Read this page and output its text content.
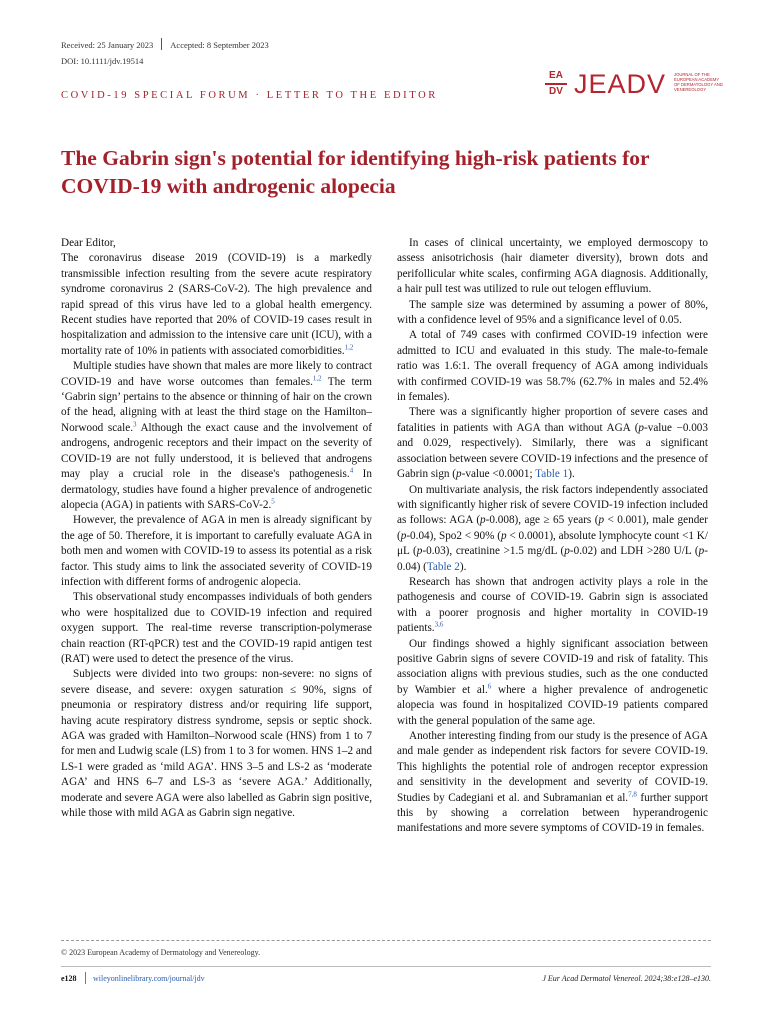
Received: 25 January 2023 Accepted: 8 September 2023
DOI: 10.1111/jdv.19514
EA
DV JEADV JOURNAL OF THE EUROPEAN ACADEMY OF DERMATOLOGY AND VENEREOLOGY
COVID-19 SPECIAL FORUM · LETTER TO THE EDITOR
The Gabrin sign's potential for identifying high-risk patients for COVID-19 with androgenic alopecia

Dear Editor,

The coronavirus disease 2019 (COVID-19) is a markedly transmissible infection resulting from the severe acute respiratory syndrome coronavirus 2 (SARS-CoV-2). The high prevalence and rapid spread of this virus have led to a global health emergency. Recent studies have reported that 20% of COVID-19 cases result in hospitalization and admission to the intensive care unit (ICU), with a mortality rate of 10% in patients with associated comorbidities.$^{1,2}$

Multiple studies have shown that males are more likely to contract COVID-19 and have worse outcomes than females.$^{1,2}$ The term ‘Gabrin sign’ pertains to the absence or thinning of hair on the crown of the head, aligning with at least the third stage on the Hamilton–Norwood scale.$^3$ Although the exact cause and the involvement of androgens, androgenic receptors and their impact on the severity of COVID-19 are not fully understood, it is believed that androgens may play a crucial role in the disease's pathogenesis.$^4$ In dermatology, studies have found a higher prevalence of androgenetic alopecia (AGA) in patients with SARS-CoV-2.$^5$

However, the prevalence of AGA in men is already significant by the age of 50. Therefore, it is important to carefully evaluate AGA in both men and women with COVID-19 to assess its potential as a risk factor. This study aims to link the associated severity of COVID-19 infection with different forms of androgenic alopecia.

This observational study encompasses individuals of both genders who were hospitalized due to COVID-19 infection and required oxygen support. The real-time reverse transcription-polymerase chain reaction (RT-qPCR) test and the COVID-19 rapid antigen test (RAT) were used to detect the presence of the virus.

Subjects were divided into two groups: non-severe: no signs of severe disease, and severe: oxygen saturation ≤ 90%, signs of pneumonia or respiratory distress and/or requiring life support, having acute respiratory distress syndrome, sepsis or septic shock. AGA was graded with Hamilton–Norwood scale (HNS) from 1 to 7 for men and Ludwig scale (LS) from 1 to 3 for women. HNS 1–2 and LS-1 were graded as ‘mild AGA’. HNS 3–5 and LS-2 as ‘moderate AGA’ and HNS 6–7 and LS-3 as ‘severe AGA.’ Additionally, moderate and severe AGA were also labelled as Gabrin sign positive, while those with mild AGA as Gabrin sign negative.

In cases of clinical uncertainty, we employed dermoscopy to assess anisotrichosis (hair diameter diversity), brown dots and perifollicular white scales, confirming AGA diagnosis. Additionally, a hair pull test was utilized to rule out telogen effluvium.

The sample size was determined by assuming a power of 80%, with a confidence level of 95% and a significance level of 0.05.

A total of 749 cases with confirmed COVID-19 infection were admitted to ICU and evaluated in this study. The male-to-female ratio was 1.6:1. The overall frequency of AGA among individuals with confirmed COVID-19 was 58.7% (62.7% in males and 52.4% in females).

There was a significantly higher proportion of severe cases and fatalities in patients with AGA than without AGA (p-value −0.003 and 0.029, respectively). Similarly, there was a significant association between severe COVID-19 infections and the presence of Gabrin sign (p-value <0.0001; Table 1).

On multivariate analysis, the risk factors independently associated with significantly higher risk of severe COVID-19 infection included as follows: AGA (p-0.008), age ≥ 65 years (p < 0.001), male gender (p-0.04), Spo2 < 90% (p < 0.0001), absolute lymphocyte count <1 K/μL (p-0.03), creatinine >1.5 mg/dL (p-0.02) and LDH >280 U/L (p-0.04) (Table 2).

Research has shown that androgen activity plays a role in the pathogenesis and course of COVID-19. Gabrin sign is associated with a poorer prognosis and higher mortality in COVID-19 patients.$^{3,6}$

Our findings showed a highly significant association between positive Gabrin signs of severe COVID-19 and risk of fatality. This association aligns with previous studies, such as the one conducted by Wambier et al.$^6$ where a higher prevalence of androgenetic alopecia was found in hospitalized COVID-19 patients compared with the general population of the same age.

Another interesting finding from our study is the presence of AGA and male gender as independent risk factors for severe COVID-19. This highlights the potential role of androgen receptor expression and sensitivity in the development and severity of COVID-19. Studies by Cadegiani et al. and Subramanian et al.$^{7,8}$ further support this by showing a correlation between hyperandrogenic manifestations and more severe symptoms of COVID-19 in females.

© 2023 European Academy of Dermatology and Venereology.
e128 wileyonlinelibrary.com/journal/jdv	J Eur Acad Dermatol Venereol. 2024;38:e128–e130.
